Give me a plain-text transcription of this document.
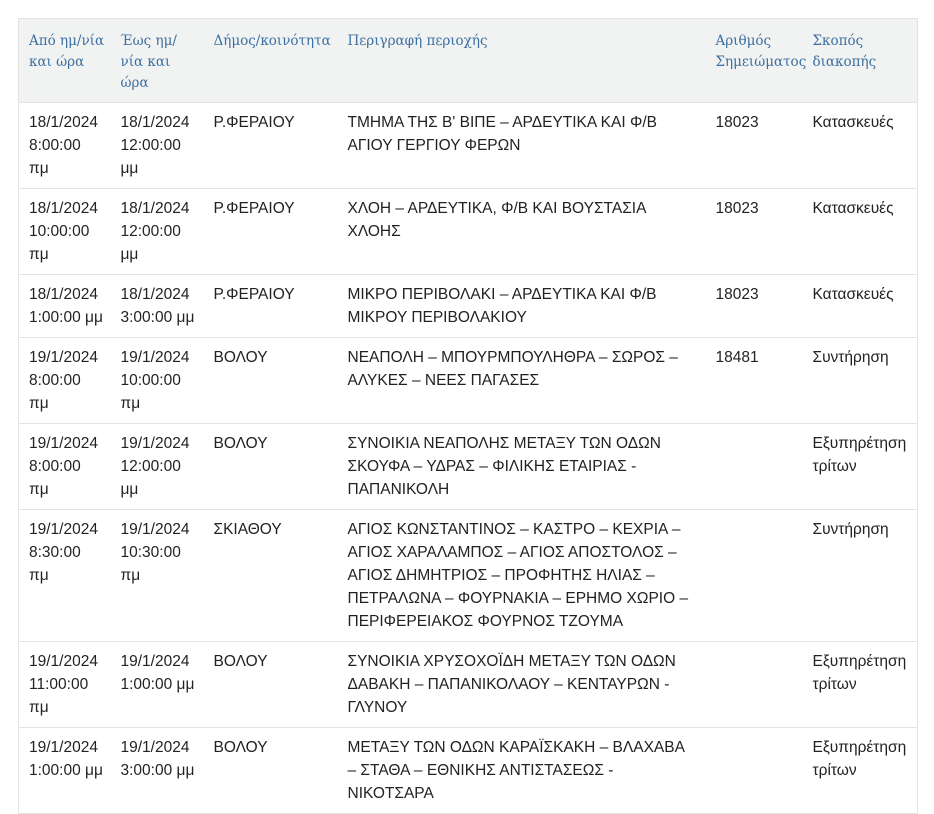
Από ημ/νία και ώρα	Έως ημ/νία και ώρα	Δήμος/κοινότητα	Περιγραφή περιοχής	Αριθμός Σημειώματος	Σκοπός διακοπής
18/1/2024 8:00:00 πμ	18/1/2024 12:00:00 μμ	Ρ.ΦΕΡΑΙΟΥ	ΤΜΗΜΑ ΤΗΣ Β' ΒΙΠΕ – ΑΡΔΕΥΤΙΚΑ ΚΑΙ Φ/Β ΑΓΙΟΥ ΓΕΡΓΙΟΥ ΦΕΡΩΝ	18023	Κατασκευές
18/1/2024 10:00:00 πμ	18/1/2024 12:00:00 μμ	Ρ.ΦΕΡΑΙΟΥ	ΧΛΟΗ – ΑΡΔΕΥΤΙΚΑ, Φ/Β ΚΑΙ ΒΟΥΣΤΑΣΙΑ ΧΛΟΗΣ	18023	Κατασκευές
18/1/2024 1:00:00 μμ	18/1/2024 3:00:00 μμ	Ρ.ΦΕΡΑΙΟΥ	ΜΙΚΡΟ ΠΕΡΙΒΟΛΑΚΙ – ΑΡΔΕΥΤΙΚΑ ΚΑΙ Φ/Β ΜΙΚΡΟΥ ΠΕΡΙΒΟΛΑΚΙΟΥ	18023	Κατασκευές
19/1/2024 8:00:00 πμ	19/1/2024 10:00:00 πμ	ΒΟΛΟΥ	ΝΕΑΠΟΛΗ – ΜΠΟΥΡΜΠΟΥΛΗΘΡΑ – ΣΩΡΟΣ – ΑΛΥΚΕΣ – ΝΕΕΣ ΠΑΓΑΣΕΣ	18481	Συντήρηση
19/1/2024 8:00:00 πμ	19/1/2024 12:00:00 μμ	ΒΟΛΟΥ	ΣΥΝΟΙΚΙΑ ΝΕΑΠΟΛΗΣ ΜΕΤΑΞΥ ΤΩΝ ΟΔΩΝ ΣΚΟΥΦΑ – ΥΔΡΑΣ – ΦΙΛΙΚΗΣ ΕΤΑΙΡΙΑΣ - ΠΑΠΑΝΙΚΟΛΗ		Εξυπηρέτηση τρίτων
19/1/2024 8:30:00 πμ	19/1/2024 10:30:00 πμ	ΣΚΙΑΘΟΥ	ΑΓΙΟΣ ΚΩΝΣΤΑΝΤΙΝΟΣ – ΚΑΣΤΡΟ – ΚΕΧΡΙΑ – ΑΓΙΟΣ ΧΑΡΑΛΑΜΠΟΣ – ΑΓΙΟΣ ΑΠΟΣΤΟΛΟΣ – ΑΓΙΟΣ ΔΗΜΗΤΡΙΟΣ – ΠΡΟΦΗΤΗΣ ΗΛΙΑΣ – ΠΕΤΡΑΛΩΝΑ – ΦΟΥΡΝΑΚΙΑ – ΕΡΗΜΟ ΧΩΡΙΟ – ΠΕΡΙΦΕΡΕΙΑΚΟΣ ΦΟΥΡΝΟΣ ΤΖΟΥΜΑ		Συντήρηση
19/1/2024 11:00:00 πμ	19/1/2024 1:00:00 μμ	ΒΟΛΟΥ	ΣΥΝΟΙΚΙΑ ΧΡΥΣΟΧΟΪΔΗ ΜΕΤΑΞΥ ΤΩΝ ΟΔΩΝ ΔΑΒΑΚΗ – ΠΑΠΑΝΙΚΟΛΑΟΥ – ΚΕΝΤΑΥΡΩΝ - ΓΛΥΝΟΥ		Εξυπηρέτηση τρίτων
19/1/2024 1:00:00 μμ	19/1/2024 3:00:00 μμ	ΒΟΛΟΥ	ΜΕΤΑΞΥ ΤΩΝ ΟΔΩΝ ΚΑΡΑΪΣΚΑΚΗ – ΒΛΑΧΑΒΑ – ΣΤΑΘΑ – ΕΘΝΙΚΗΣ ΑΝΤΙΣΤΑΣΕΩΣ - ΝΙΚΟΤΣΑΡΑ		Εξυπηρέτηση τρίτων
